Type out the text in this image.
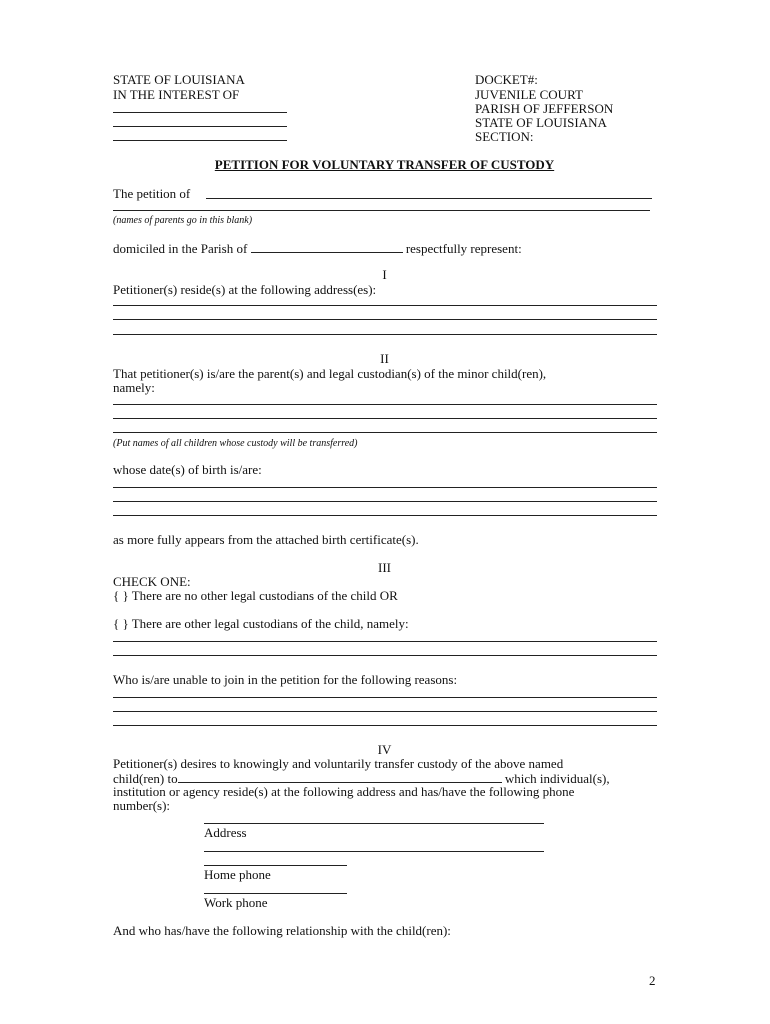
STATE OF LOUISIANA
IN THE INTEREST OF
DOCKET#:
JUVENILE COURT
PARISH OF JEFFERSON
STATE OF LOUISIANA
SECTION:
PETITION FOR VOLUNTARY TRANSFER OF CUSTODY
The petition of
(names of parents go in this blank)
domiciled in the Parish of	respectfully represent:
I
Petitioner(s) reside(s) at the following address(es):
II
That petitioner(s) is/are the parent(s) and legal custodian(s) of the minor child(ren),
namely:
(Put names of all children whose custody will be transferred)
whose date(s) of birth is/are:
as more fully appears from the attached birth certificate(s).
III
CHECK ONE:
{ } There are no other legal custodians of the child OR
{ } There are other legal custodians of the child, namely:
Who is/are unable to join in the petition for the following reasons:
IV
Petitioner(s) desires to knowingly and voluntarily transfer custody of the above named
child(ren) to	which individual(s),
institution or agency reside(s) at the following address and has/have the following phone
number(s):
Address
Home phone
Work phone
And who has/have the following relationship with the child(ren):
2
